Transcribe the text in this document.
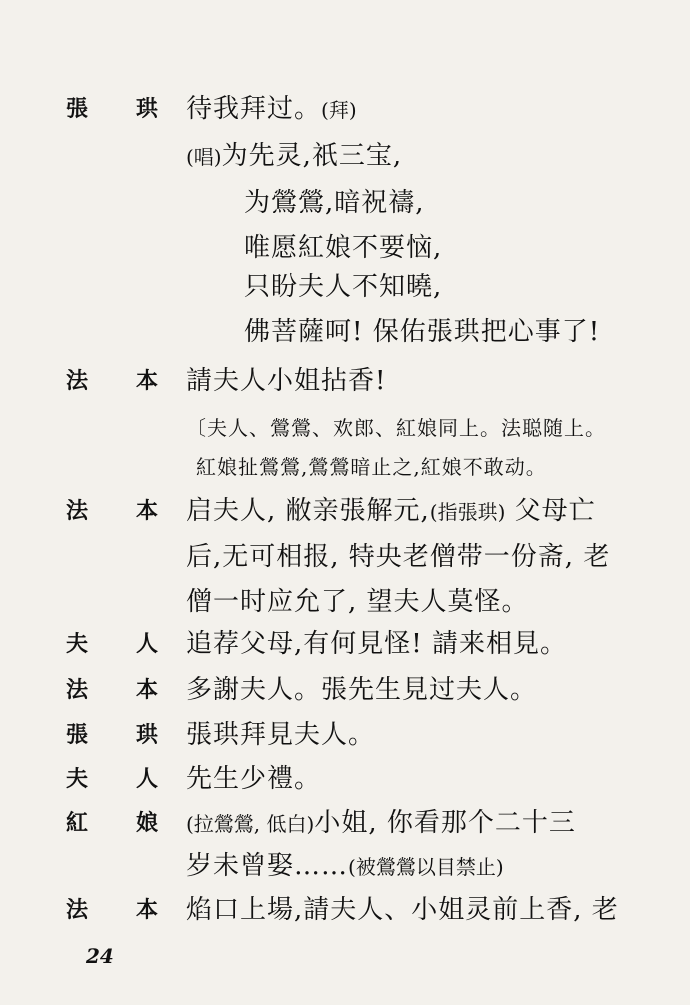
張 珙 待我拜过。(拜)
(唱)为先灵,祇三宝,
为鶯鶯,暗祝禱,
唯愿紅娘不要恼,
只盼夫人不知曉,
佛菩薩呵! 保佑張珙把心事了!
法 本 請夫人小姐拈香!
〔夫人、鶯鶯、欢郎、紅娘同上。法聪随上。
紅娘扯鶯鶯,鶯鶯暗止之,紅娘不敢动。
法 本 启夫人, 敝亲張解元,(指張珙) 父母亡
后,无可相报, 特央老僧带一份斋, 老
僧一时应允了, 望夫人莫怪。
夫 人 追荐父母,有何見怪! 請来相見。
法 本 多謝夫人。張先生見过夫人。
張 珙 張珙拜見夫人。
夫 人 先生少禮。
紅 娘 (拉鶯鶯, 低白)小姐, 你看那个二十三
岁未曾娶……(被鶯鶯以目禁止)
法 本 焰口上場,請夫人、小姐灵前上香, 老
24
